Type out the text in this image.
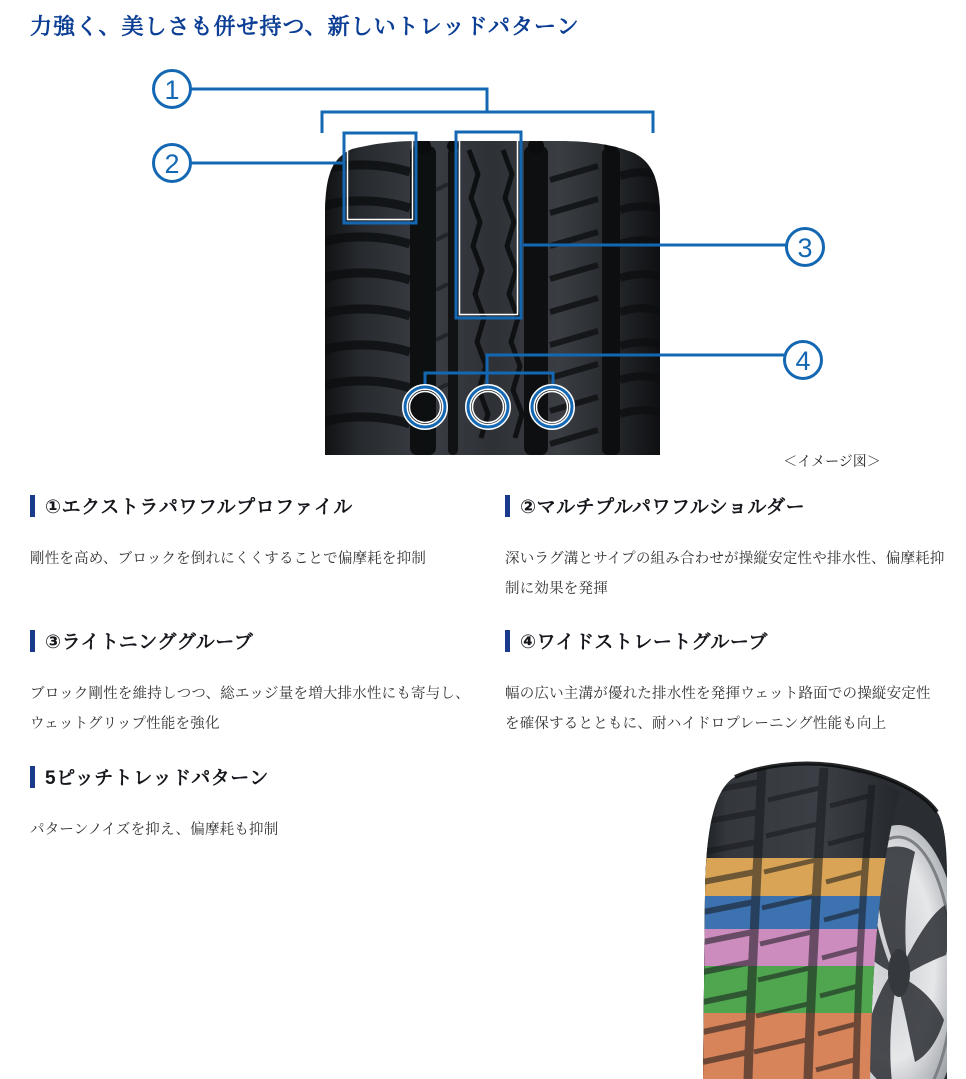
力強く、美しさも併せ持つ、新しいトレッドパターン
1
2
3
4
＜イメージ図＞
①エクストラパワフルプロファイル
剛性を高め、ブロックを倒れにくくすることで偏摩耗を抑制
②マルチプルパワフルショルダー
深いラグ溝とサイプの組み合わせが操縦安定性や排水性、偏摩耗抑制に効果を発揮
③ライトニンググルーブ
ブロック剛性を維持しつつ、総エッジ量を増大排水性にも寄与し、ウェットグリップ性能を強化
④ワイドストレートグルーブ
幅の広い主溝が優れた排水性を発揮ウェット路面での操縦安定性を確保するとともに、耐ハイドロプレーニング性能も向上
5ピッチトレッドパターン
パターンノイズを抑え、偏摩耗も抑制
